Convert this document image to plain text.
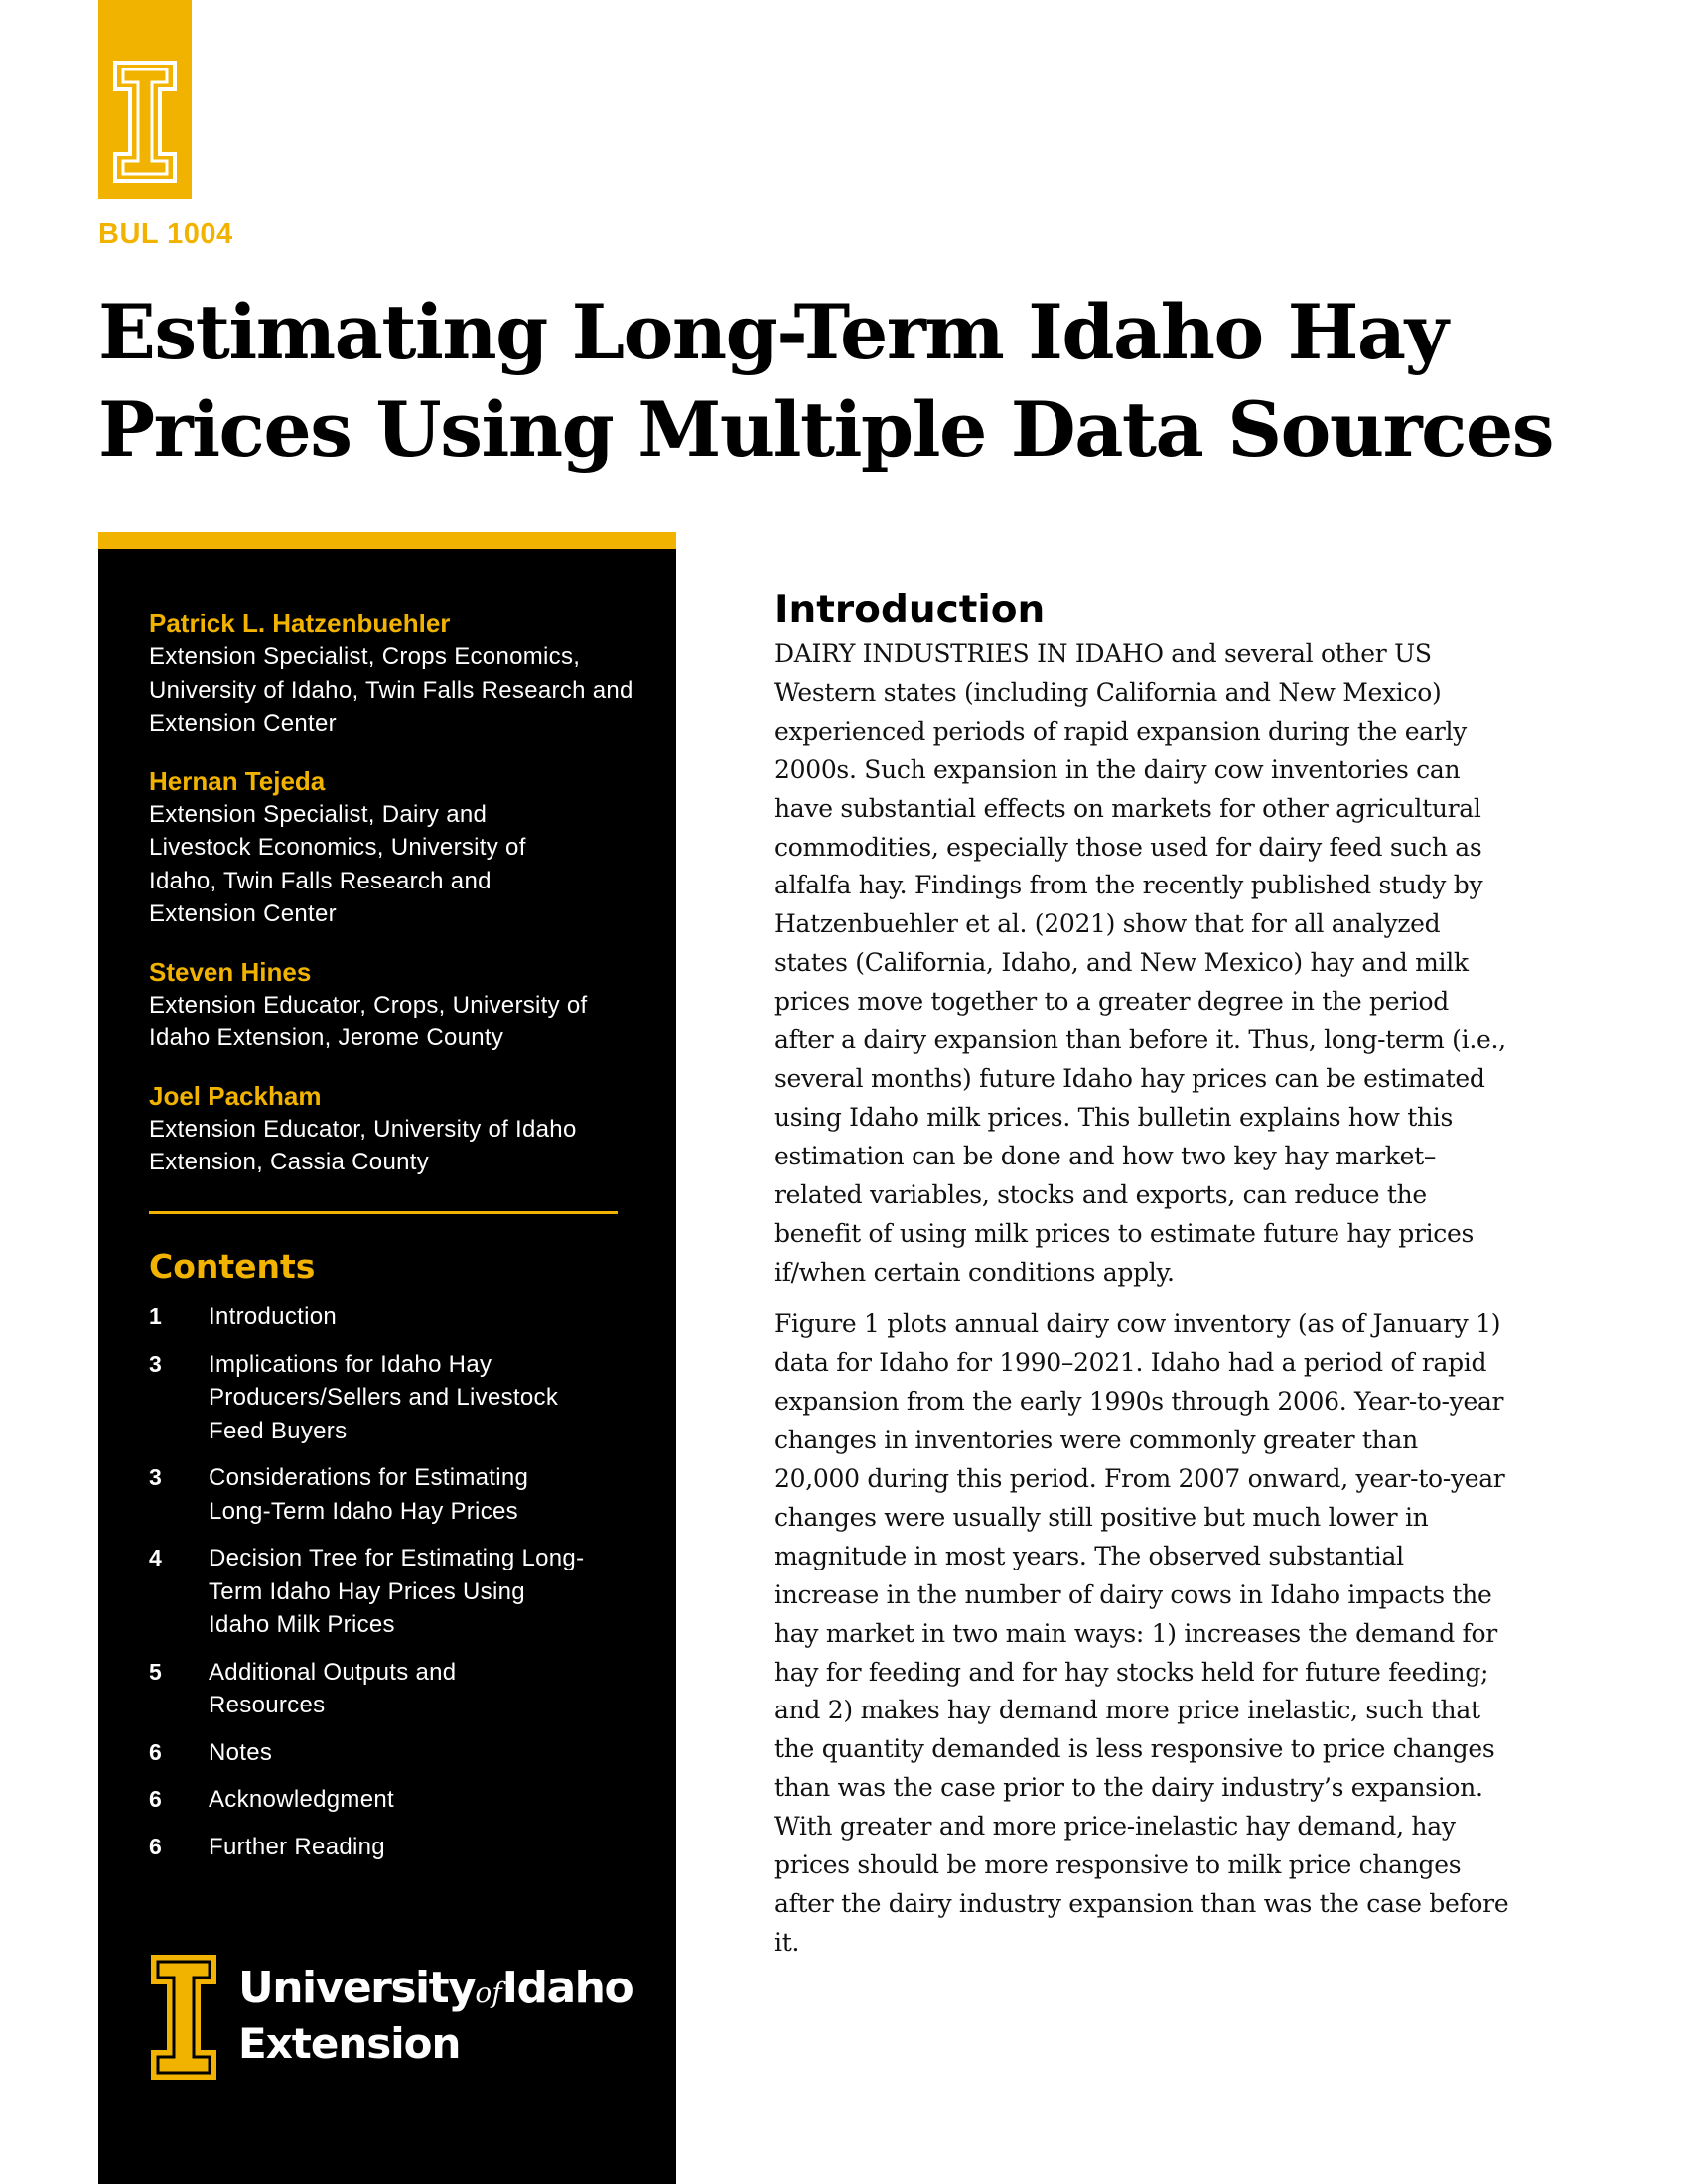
BUL 1004
Estimating Long-Term Idaho Hay Prices Using Multiple Data Sources
Patrick L. Hatzenbuehler
Extension Specialist, Crops Economics, University of Idaho, Twin Falls Research and Extension Center
Hernan Tejeda
Extension Specialist, Dairy and Livestock Economics, University of Idaho, Twin Falls Research and Extension Center
Steven Hines
Extension Educator, Crops, University of Idaho Extension, Jerome County
Joel Packham
Extension Educator, University of Idaho Extension, Cassia County
Contents
1	Introduction
3	Implications for Idaho Hay Producers/Sellers and Livestock Feed Buyers
3	Considerations for Estimating Long-Term Idaho Hay Prices
4	Decision Tree for Estimating Long-Term Idaho Hay Prices Using Idaho Milk Prices
5	Additional Outputs and Resources
6	Notes
6	Acknowledgment
6	Further Reading
UniversityofIdaho
Extension
Introduction

DAIRY INDUSTRIES IN IDAHO and several other US Western states (including California and New Mexico) experienced periods of rapid expansion during the early 2000s. Such expansion in the dairy cow inventories can have substantial effects on markets for other agricultural commodities, especially those used for dairy feed such as alfalfa hay. Findings from the recently published study by Hatzenbuehler et al. (2021) show that for all analyzed states (California, Idaho, and New Mexico) hay and milk prices move together to a greater degree in the period after a dairy expansion than before it. Thus, long-term (i.e., several months) future Idaho hay prices can be estimated using Idaho milk prices. This bulletin explains how this estimation can be done and how two key hay market–related variables, stocks and exports, can reduce the benefit of using milk prices to estimate future hay prices if/when certain conditions apply.

Figure 1 plots annual dairy cow inventory (as of January 1) data for Idaho for 1990–2021. Idaho had a period of rapid expansion from the early 1990s through 2006. Year-to-year changes in inventories were commonly greater than 20,000 during this period. From 2007 onward, year-to-year changes were usually still positive but much lower in magnitude in most years. The observed substantial increase in the number of dairy cows in Idaho impacts the hay market in two main ways: 1) increases the demand for hay for feeding and for hay stocks held for future feeding; and 2) makes hay demand more price inelastic, such that the quantity demanded is less responsive to price changes than was the case prior to the dairy industry’s expansion. With greater and more price-inelastic hay demand, hay prices should be more responsive to milk price changes after the dairy industry expansion than was the case before it.
